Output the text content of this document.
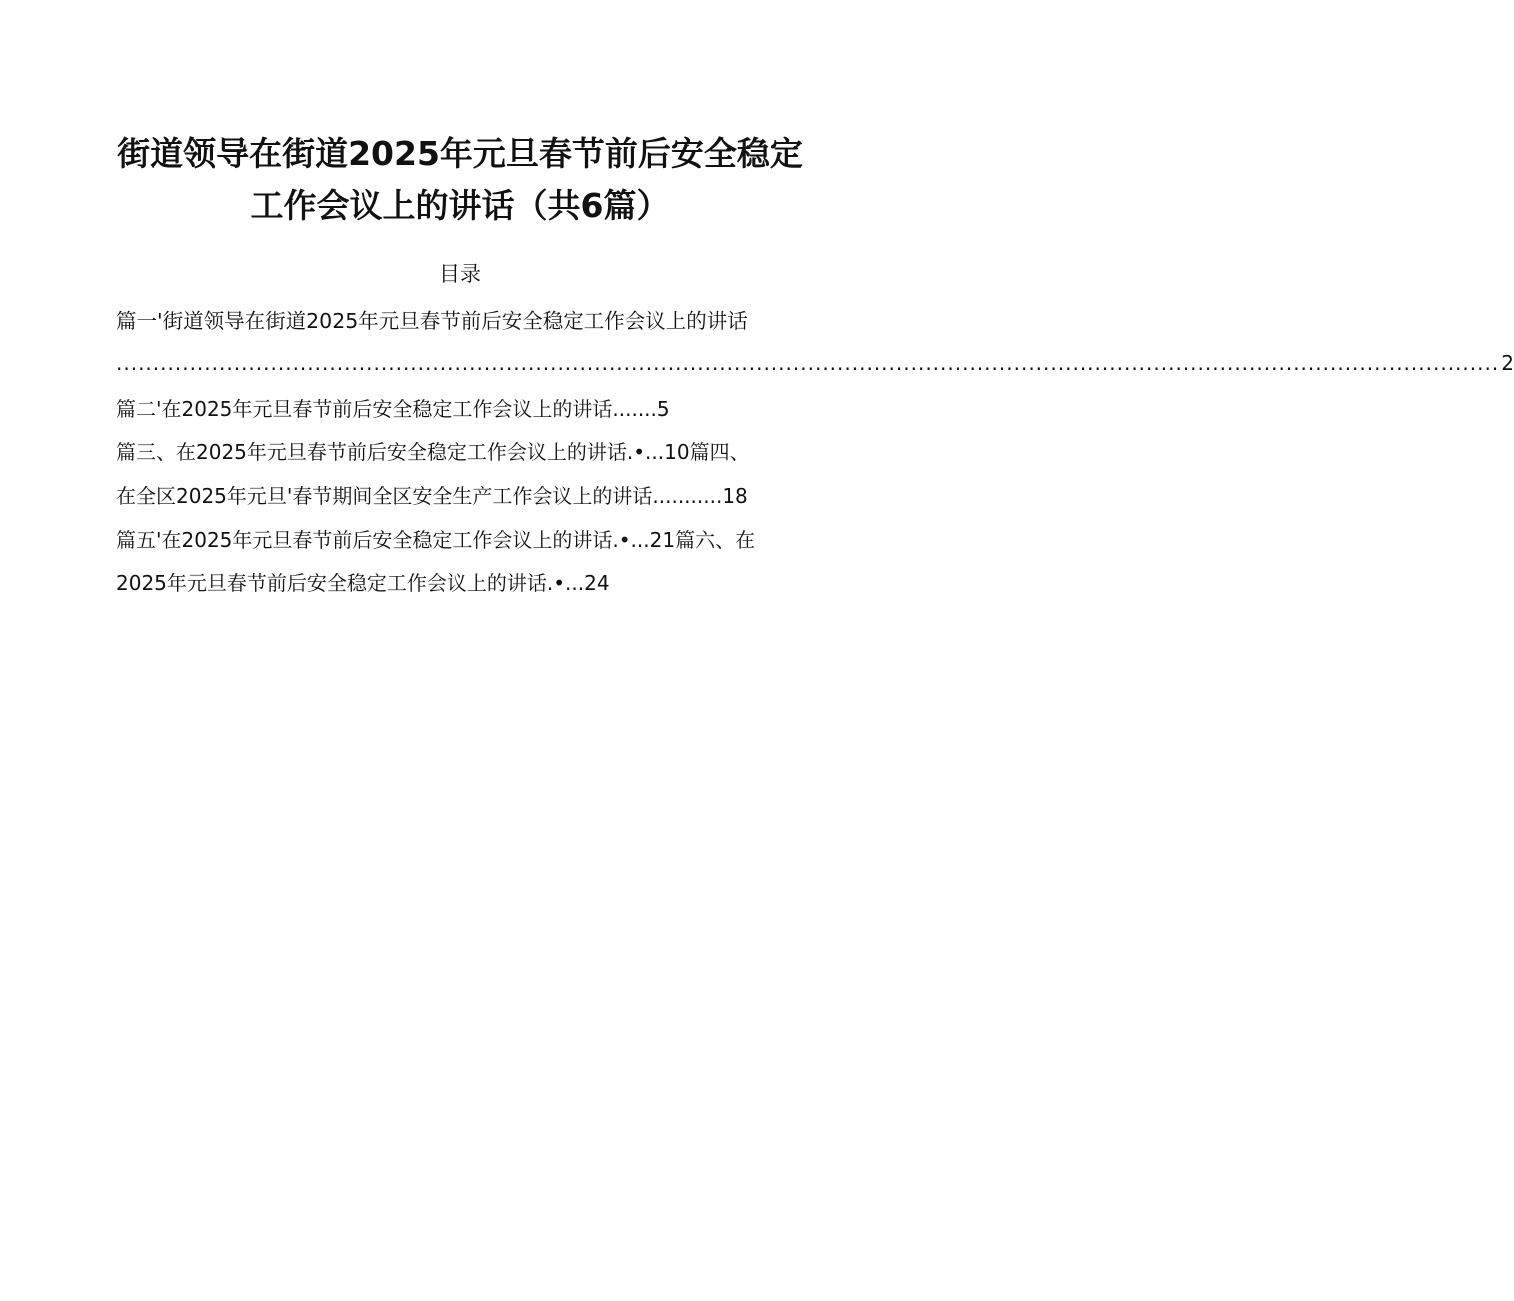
街道领导在街道2025年元旦春节前后安全稳定
工作会议上的讲话（共6篇）
目录
篇一'街道领导在街道2025年元旦春节前后安全稳定工作会议上的讲话
............................................................................................................................................................................................ 2
篇二'在2025年元旦春节前后安全稳定工作会议上的讲话.......5
篇三、在2025年元旦春节前后安全稳定工作会议上的讲话.•...10篇四、
在全区2025年元旦'春节期间全区安全生产工作会议上的讲话...........18
篇五'在2025年元旦春节前后安全稳定工作会议上的讲话.•...21篇六、在
2025年元旦春节前后安全稳定工作会议上的讲话.•...24
